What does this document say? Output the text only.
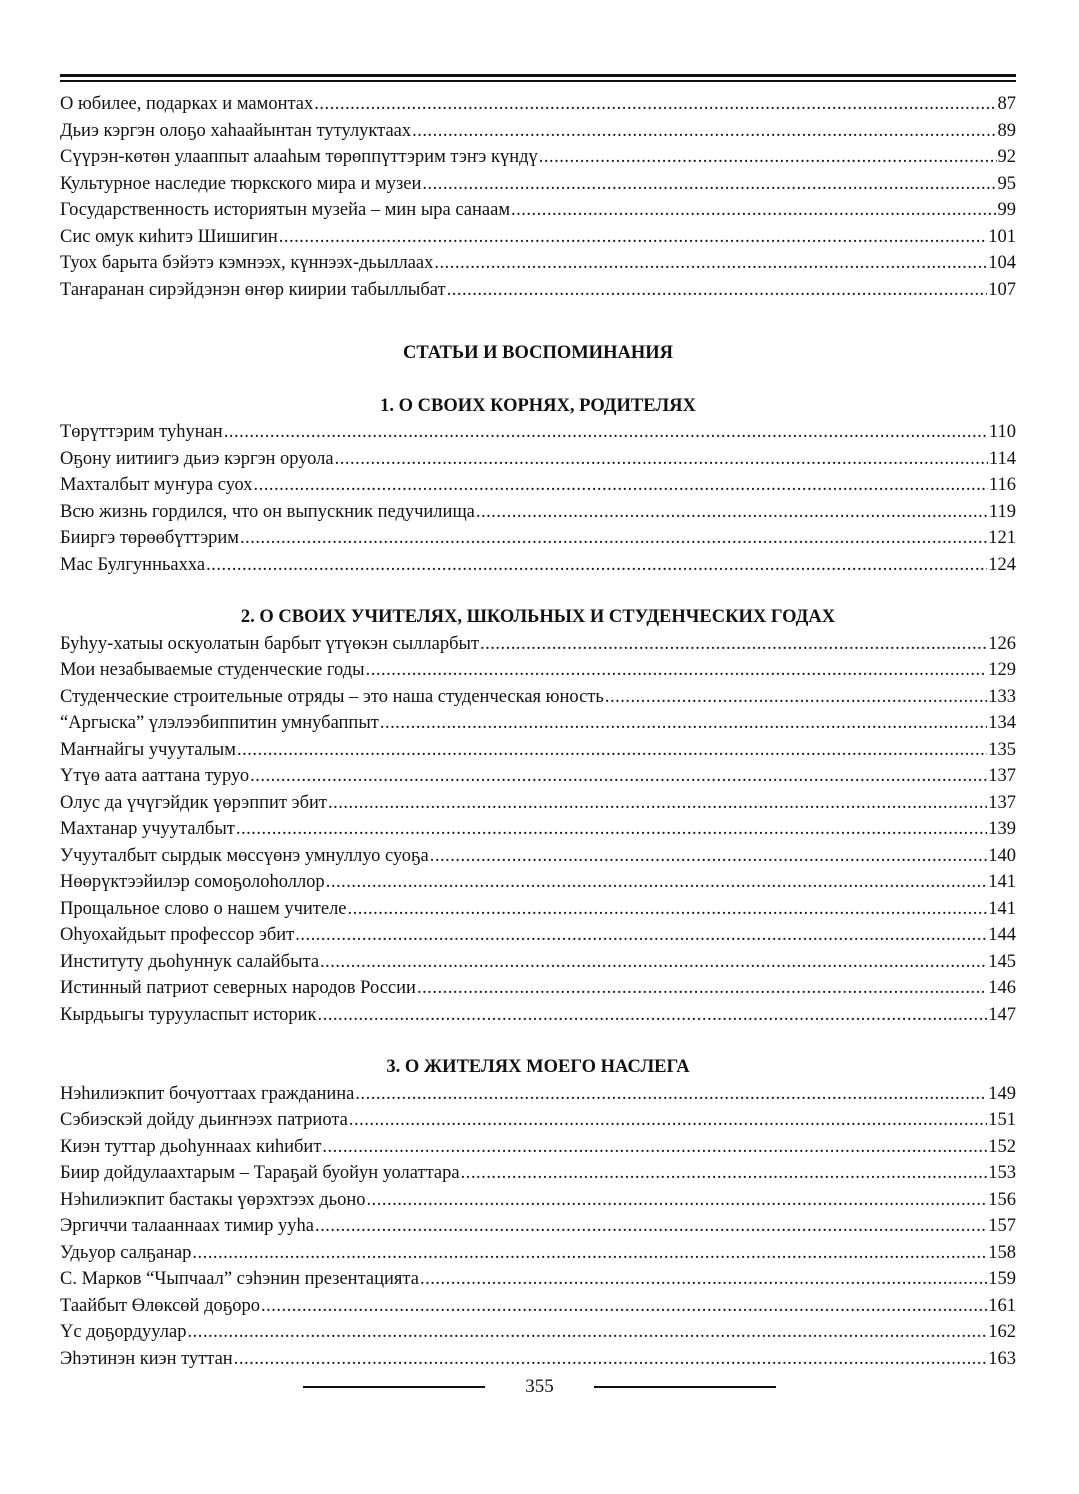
О юбилее, подарках и мамонтах .....	87
Дьиэ кэргэн олоҕо хаһаайынтан тутулуктаах .....	89
Сүүрэн-көтөн улааппыт алааһым төрөппүттэрим тэҥэ күндү .....	92
Культурное наследие тюркского мира и музеи .....	95
Государственность историятын музейа – мин ыра санаам .....	99
Сис омук киһитэ Шишигин .....	101
Туох барыта бэйэтэ кэмнээх, күннээх-дьыллаах .....	104
Таҥаранан сирэйдэнэн өҥөр киирии табыллыбат .....	107
СТАТЬИ И ВОСПОМИНАНИЯ
1. О СВОИХ КОРНЯХ, РОДИТЕЛЯХ
Төрүттэрим туһунан .....	110
Оҕону иитиигэ дьиэ кэргэн оруола .....	114
Махталбыт муҥура суох .....	116
Всю жизнь гордился, что он выпускник педучилища .....	119
Бииргэ төрөөбүттэрим .....	121
Мас Булгунньахха .....	124
2. О СВОИХ УЧИТЕЛЯХ, ШКОЛЬНЫХ И СТУДЕНЧЕСКИХ ГОДАХ
Буһуу-хатыы оскуолатын барбыт үтүөкэн сылларбыт .....	126
Мои незабываемые студенческие годы .....	129
Студенческие строительные отряды – это наша студенческая юность .....	133
“Аргыска” үлэлээбиппитин умнубаппыт .....	134
Маҥнайгы учууталым .....	135
Үтүө аата ааттана туруо .....	137
Олус да үчүгэйдик үөрэппит эбит .....	137
Махтанар учууталбыт .....	139
Учууталбыт сырдык мөссүөнэ умнуллуо суоҕа .....	140
Нөөрүктээйилэр сомоҕолоһоллор .....	141
Прощальное слово о нашем учителе .....	141
Оһуохайдьыт профессор эбит .....	144
Институту дьоһуннук салайбыта .....	145
Истинный патриот северных народов России .....	146
Кырдьыгы туруулаcпыт историк .....	147
3. О ЖИТЕЛЯХ МОЕГО НАСЛЕГА
Нэһилиэкпит бочуоттаах гражданина .....	149
Сэбиэскэй дойду дьиҥнээх патриота .....	151
Киэн туттар дьоһуннаах киһибит .....	152
Биир дойдулаахтарым – Тараҕай буойун уолаттара .....	153
Нэһилиэкпит бастакы үөрэхтээх дьоно .....	156
Эргиччи талааннаах тимир ууһа .....	157
Удьуор салҕанар .....	158
С. Марков “Чыпчаал” сэһэнин презентацията .....	159
Таайбыт Өлөксөй доҕоро .....	161
Үс доҕордуулар .....	162
Эһэтинэн киэн туттан .....	163
355
